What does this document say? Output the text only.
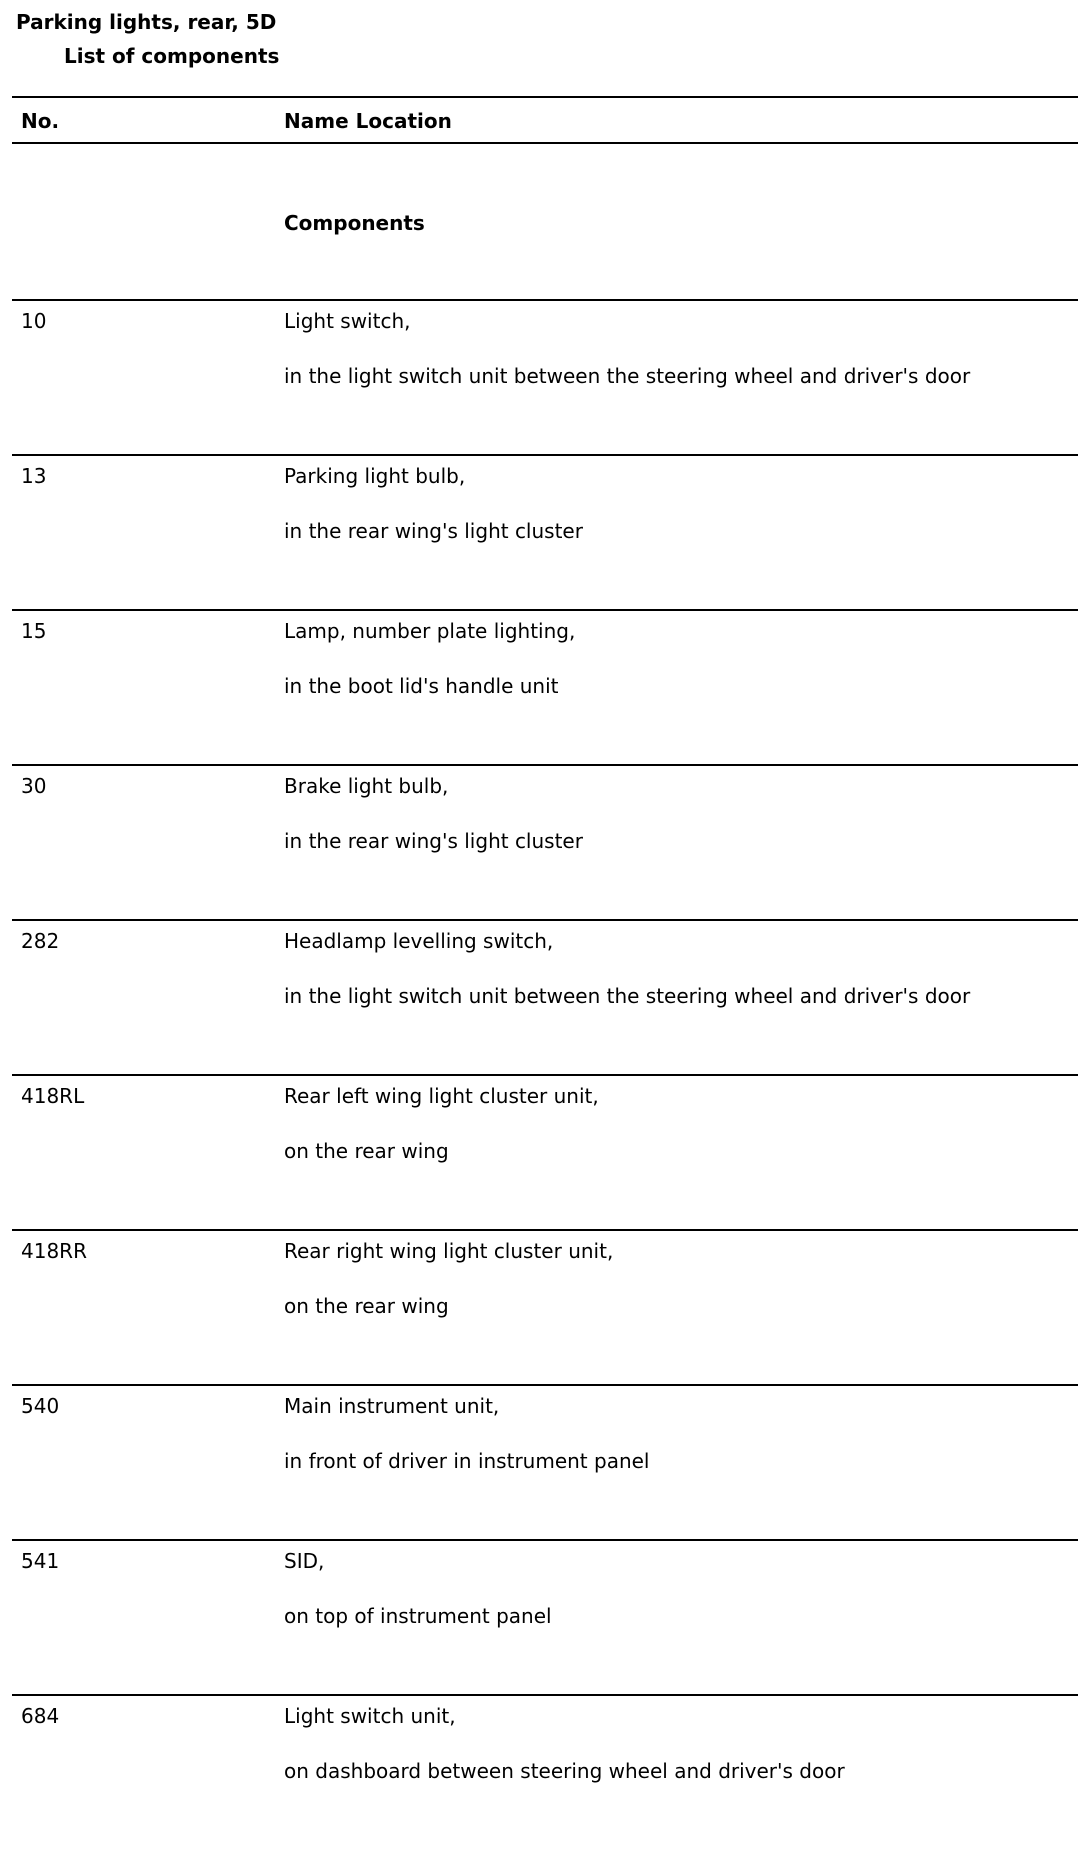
Parking lights, rear, 5D
List of components
No.	Name Location
Components
10	Light switch,
in the light switch unit between the steering wheel and driver's door
13	Parking light bulb,
in the rear wing's light cluster
15	Lamp, number plate lighting,
in the boot lid's handle unit
30	Brake light bulb,
in the rear wing's light cluster
282	Headlamp levelling switch,
in the light switch unit between the steering wheel and driver's door
418RL	Rear left wing light cluster unit,
on the rear wing
418RR	Rear right wing light cluster unit,
on the rear wing
540	Main instrument unit,
in front of driver in instrument panel
541	SID,
on top of instrument panel
684	Light switch unit,
on dashboard between steering wheel and driver's door
